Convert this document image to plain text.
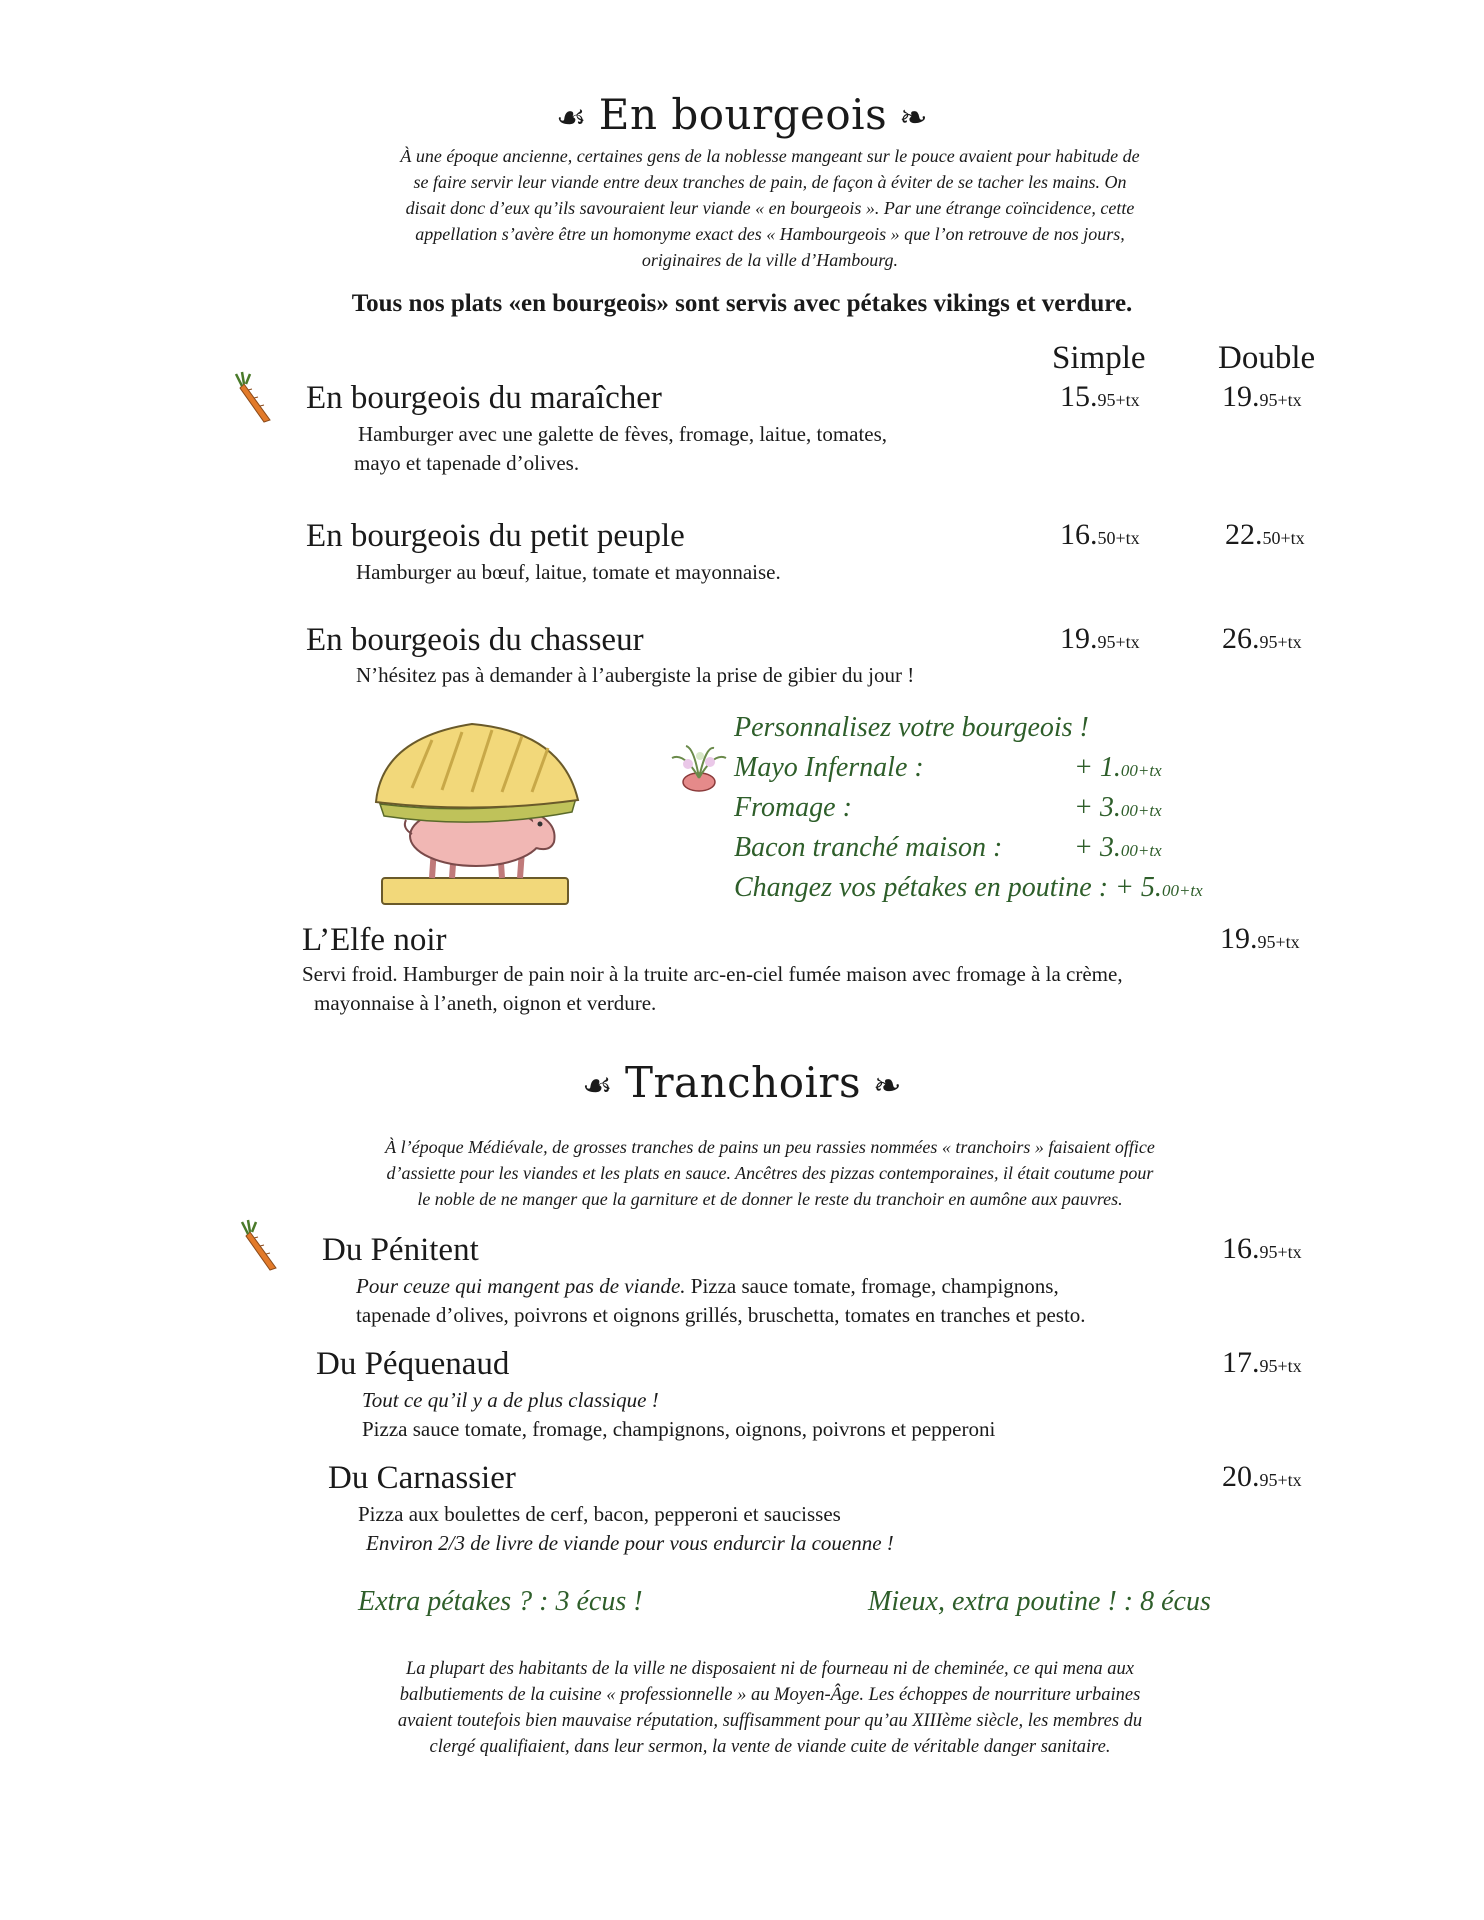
☙ En bourgeois ❧

À une époque ancienne, certaines gens de la noblesse mangeant sur le pouce avaient pour habitude de

se faire servir leur viande entre deux tranches de pain, de façon à éviter de se tacher les mains. On

disait donc d’eux qu’ils savouraient leur viande « en bourgeois ». Par une étrange coïncidence, cette

appellation s’avère être un homonyme exact des « Hambourgeois » que l’on retrouve de nos jours,

originaires de la ville d’Hambourg.

Tous nos plats «en bourgeois» sont servis avec pétakes vikings et verdure.

Simple Double

En bourgeois du maraîcher

Hamburger avec une galette de fèves, fromage, laitue, tomates,

mayo et tapenade d’olives.

15.95+tx	19.95+tx

En bourgeois du petit peuple

Hamburger au bœuf, laitue, tomate et mayonnaise.

16.50+tx	22.50+tx

En bourgeois du chasseur

N’hésitez pas à demander à l’aubergiste la prise de gibier du jour !

19.95+tx	26.95+tx

Personnalisez votre bourgeois !

Mayo Infernale :	+ 1.00+tx

Fromage :	+ 3.00+tx

Bacon tranché maison :	+ 3.00+tx

Changez vos pétakes en poutine : + 5.00+tx

L’Elfe noir	19.95+tx

Servi froid. Hamburger de pain noir à la truite arc-en-ciel fumée maison avec fromage à la crème,

mayonnaise à l’aneth, oignon et verdure.

☙ Tranchoirs ❧

À l’époque Médiévale, de grosses tranches de pains un peu rassies nommées « tranchoirs » faisaient office

d’assiette pour les viandes et les plats en sauce. Ancêtres des pizzas contemporaines, il était coutume pour

le noble de ne manger que la garniture et de donner le reste du tranchoir en aumône aux pauvres.

Du Pénitent	16.95+tx

Pour ceuze qui mangent pas de viande. Pizza sauce tomate, fromage, champignons,

tapenade d’olives, poivrons et oignons grillés, bruschetta, tomates en tranches et pesto.

Du Péquenaud	17.95+tx

Tout ce qu’il y a de plus classique !

Pizza sauce tomate, fromage, champignons, oignons, poivrons et pepperoni

Du Carnassier	20.95+tx

Pizza aux boulettes de cerf, bacon, pepperoni et saucisses

Environ 2/3 de livre de viande pour vous endurcir la couenne !

Extra pétakes ? : 3 écus !	Mieux, extra poutine ! : 8 écus

La plupart des habitants de la ville ne disposaient ni de fourneau ni de cheminée, ce qui mena aux

balbutiements de la cuisine « professionnelle » au Moyen-Âge. Les échoppes de nourriture urbaines

avaient toutefois bien mauvaise réputation, suffisamment pour qu’au XIIIème siècle, les membres du

clergé qualifiaient, dans leur sermon, la vente de viande cuite de véritable danger sanitaire.
